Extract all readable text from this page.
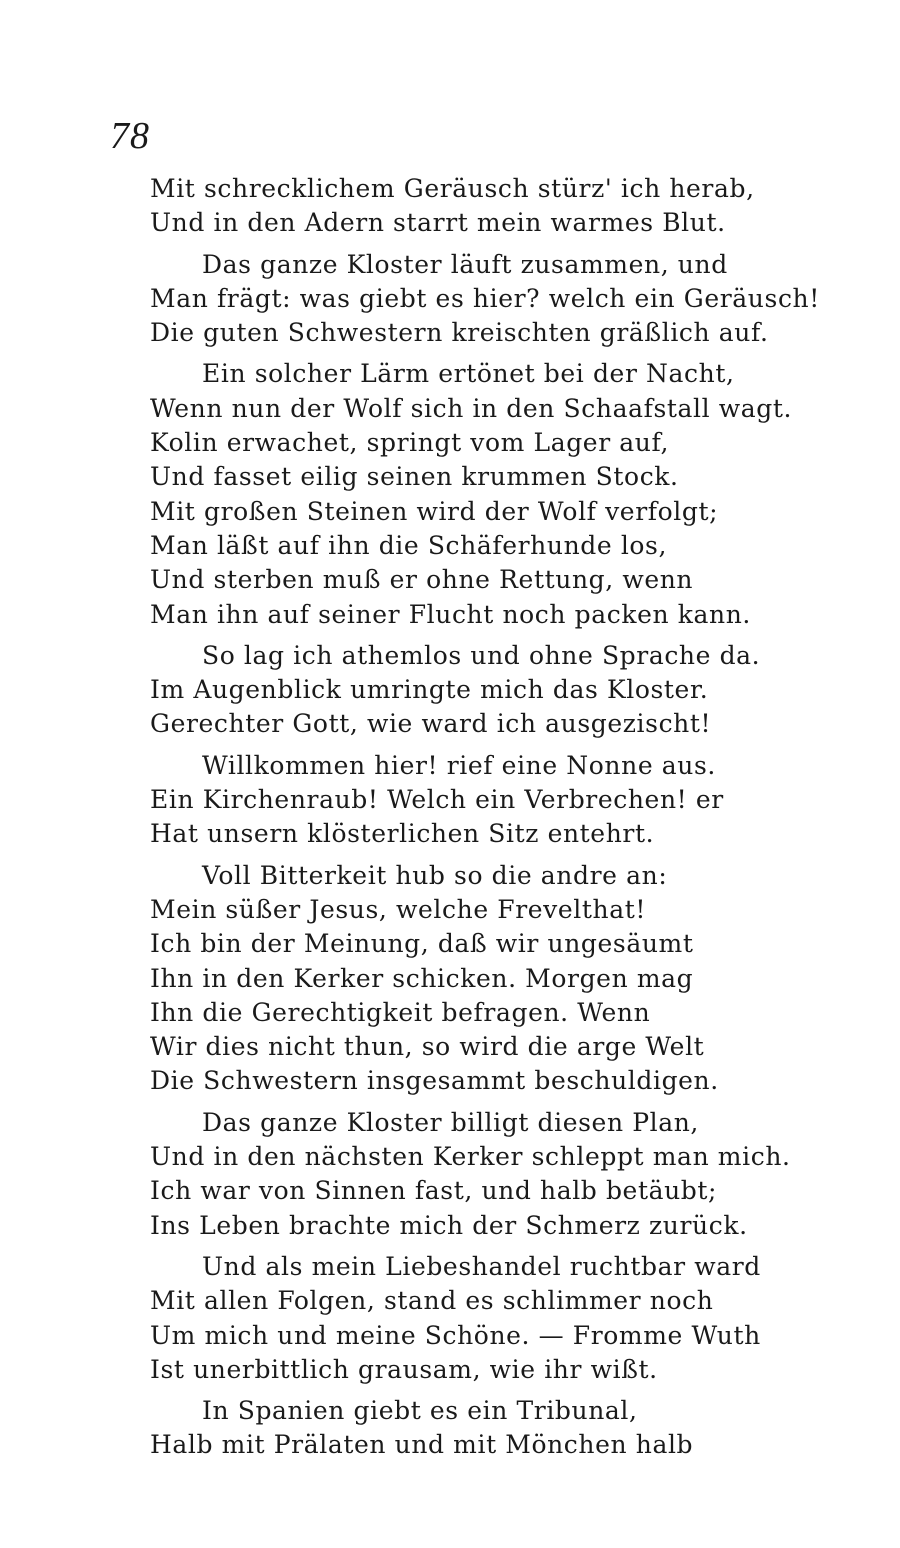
78
Mit schrecklichem Geräusch stürz' ich herab,
Und in den Adern starrt mein warmes Blut.
Das ganze Kloster läuft zusammen, und
Man frägt: was giebt es hier? welch ein Geräusch!
Die guten Schwestern kreischten gräßlich auf.
Ein solcher Lärm ertönet bei der Nacht,
Wenn nun der Wolf sich in den Schaafstall wagt.
Kolin erwachet, springt vom Lager auf,
Und fasset eilig seinen krummen Stock.
Mit großen Steinen wird der Wolf verfolgt;
Man läßt auf ihn die Schäferhunde los,
Und sterben muß er ohne Rettung, wenn
Man ihn auf seiner Flucht noch packen kann.
So lag ich athemlos und ohne Sprache da.
Im Augenblick umringte mich das Kloster.
Gerechter Gott, wie ward ich ausgezischt!
Willkommen hier! rief eine Nonne aus.
Ein Kirchenraub! Welch ein Verbrechen! er
Hat unsern klösterlichen Sitz entehrt.
Voll Bitterkeit hub so die andre an:
Mein süßer Jesus, welche Frevelthat!
Ich bin der Meinung, daß wir ungesäumt
Ihn in den Kerker schicken. Morgen mag
Ihn die Gerechtigkeit befragen. Wenn
Wir dies nicht thun, so wird die arge Welt
Die Schwestern insgesammt beschuldigen.
Das ganze Kloster billigt diesen Plan,
Und in den nächsten Kerker schleppt man mich.
Ich war von Sinnen fast, und halb betäubt;
Ins Leben brachte mich der Schmerz zurück.
Und als mein Liebeshandel ruchtbar ward
Mit allen Folgen, stand es schlimmer noch
Um mich und meine Schöne. — Fromme Wuth
Ist unerbittlich grausam, wie ihr wißt.
In Spanien giebt es ein Tribunal,
Halb mit Prälaten und mit Mönchen halb
